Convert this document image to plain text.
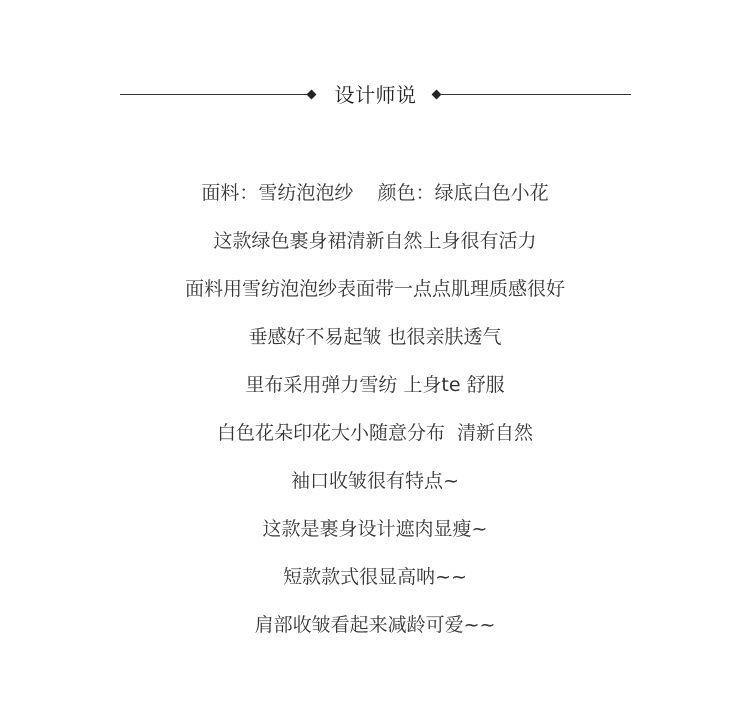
设计师说
面料：雪纺泡泡纱    颜色：绿底白色小花
这款绿色裹身裙清新自然上身很有活力
面料用雪纺泡泡纱表面带一点点肌理质感很好
垂感好不易起皱 也很亲肤透气
里布采用弹力雪纺 上身te 舒服
白色花朵印花大小随意分布  清新自然
袖口收皱很有特点~
这款是裹身设计遮肉显瘦~
短款款式很显高呐~~
肩部收皱看起来减龄可爱~~
